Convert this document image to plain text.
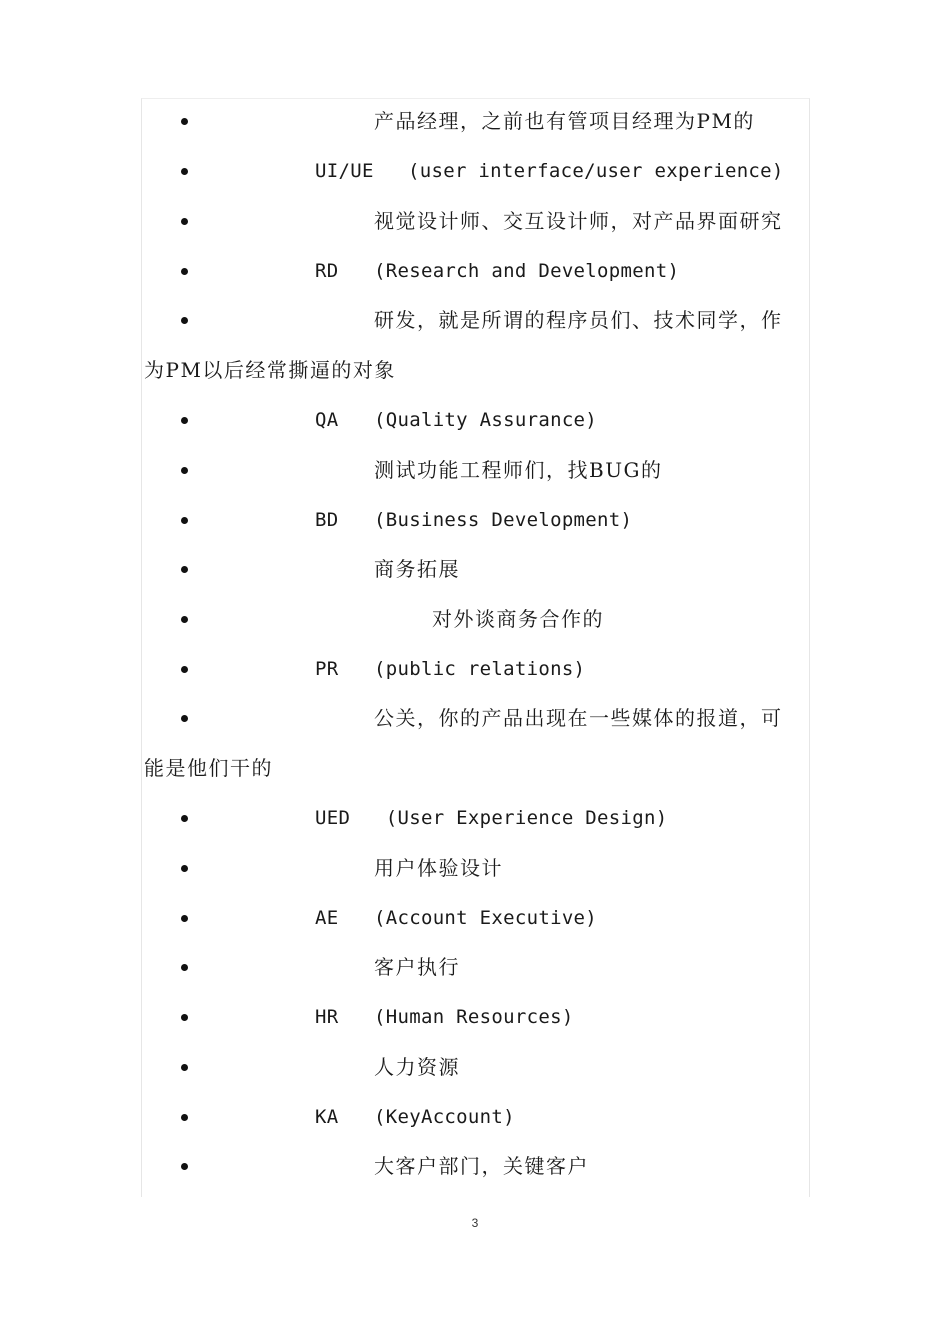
产品经理，之前也有管项目经理为PM的

UI/UE

(user interface/user experience)

视觉设计师、交互设计师，对产品界面研究

RD

(Research and Development)

研发，就是所谓的程序员们、技术同学，作

为PM以后经常撕逼的对象

QA

(Quality Assurance)

测试功能工程师们，找BUG的

BD

(Business Development)

商务拓展

对外谈商务合作的

PR

(public relations)

公关，你的产品出现在一些媒体的报道，可

能是他们干的

UED

(User Experience Design)

用户体验设计

AE

(Account Executive)

客户执行

HR

(Human Resources)

人力资源

KA

(KeyAccount)

大客户部门，关键客户

3
